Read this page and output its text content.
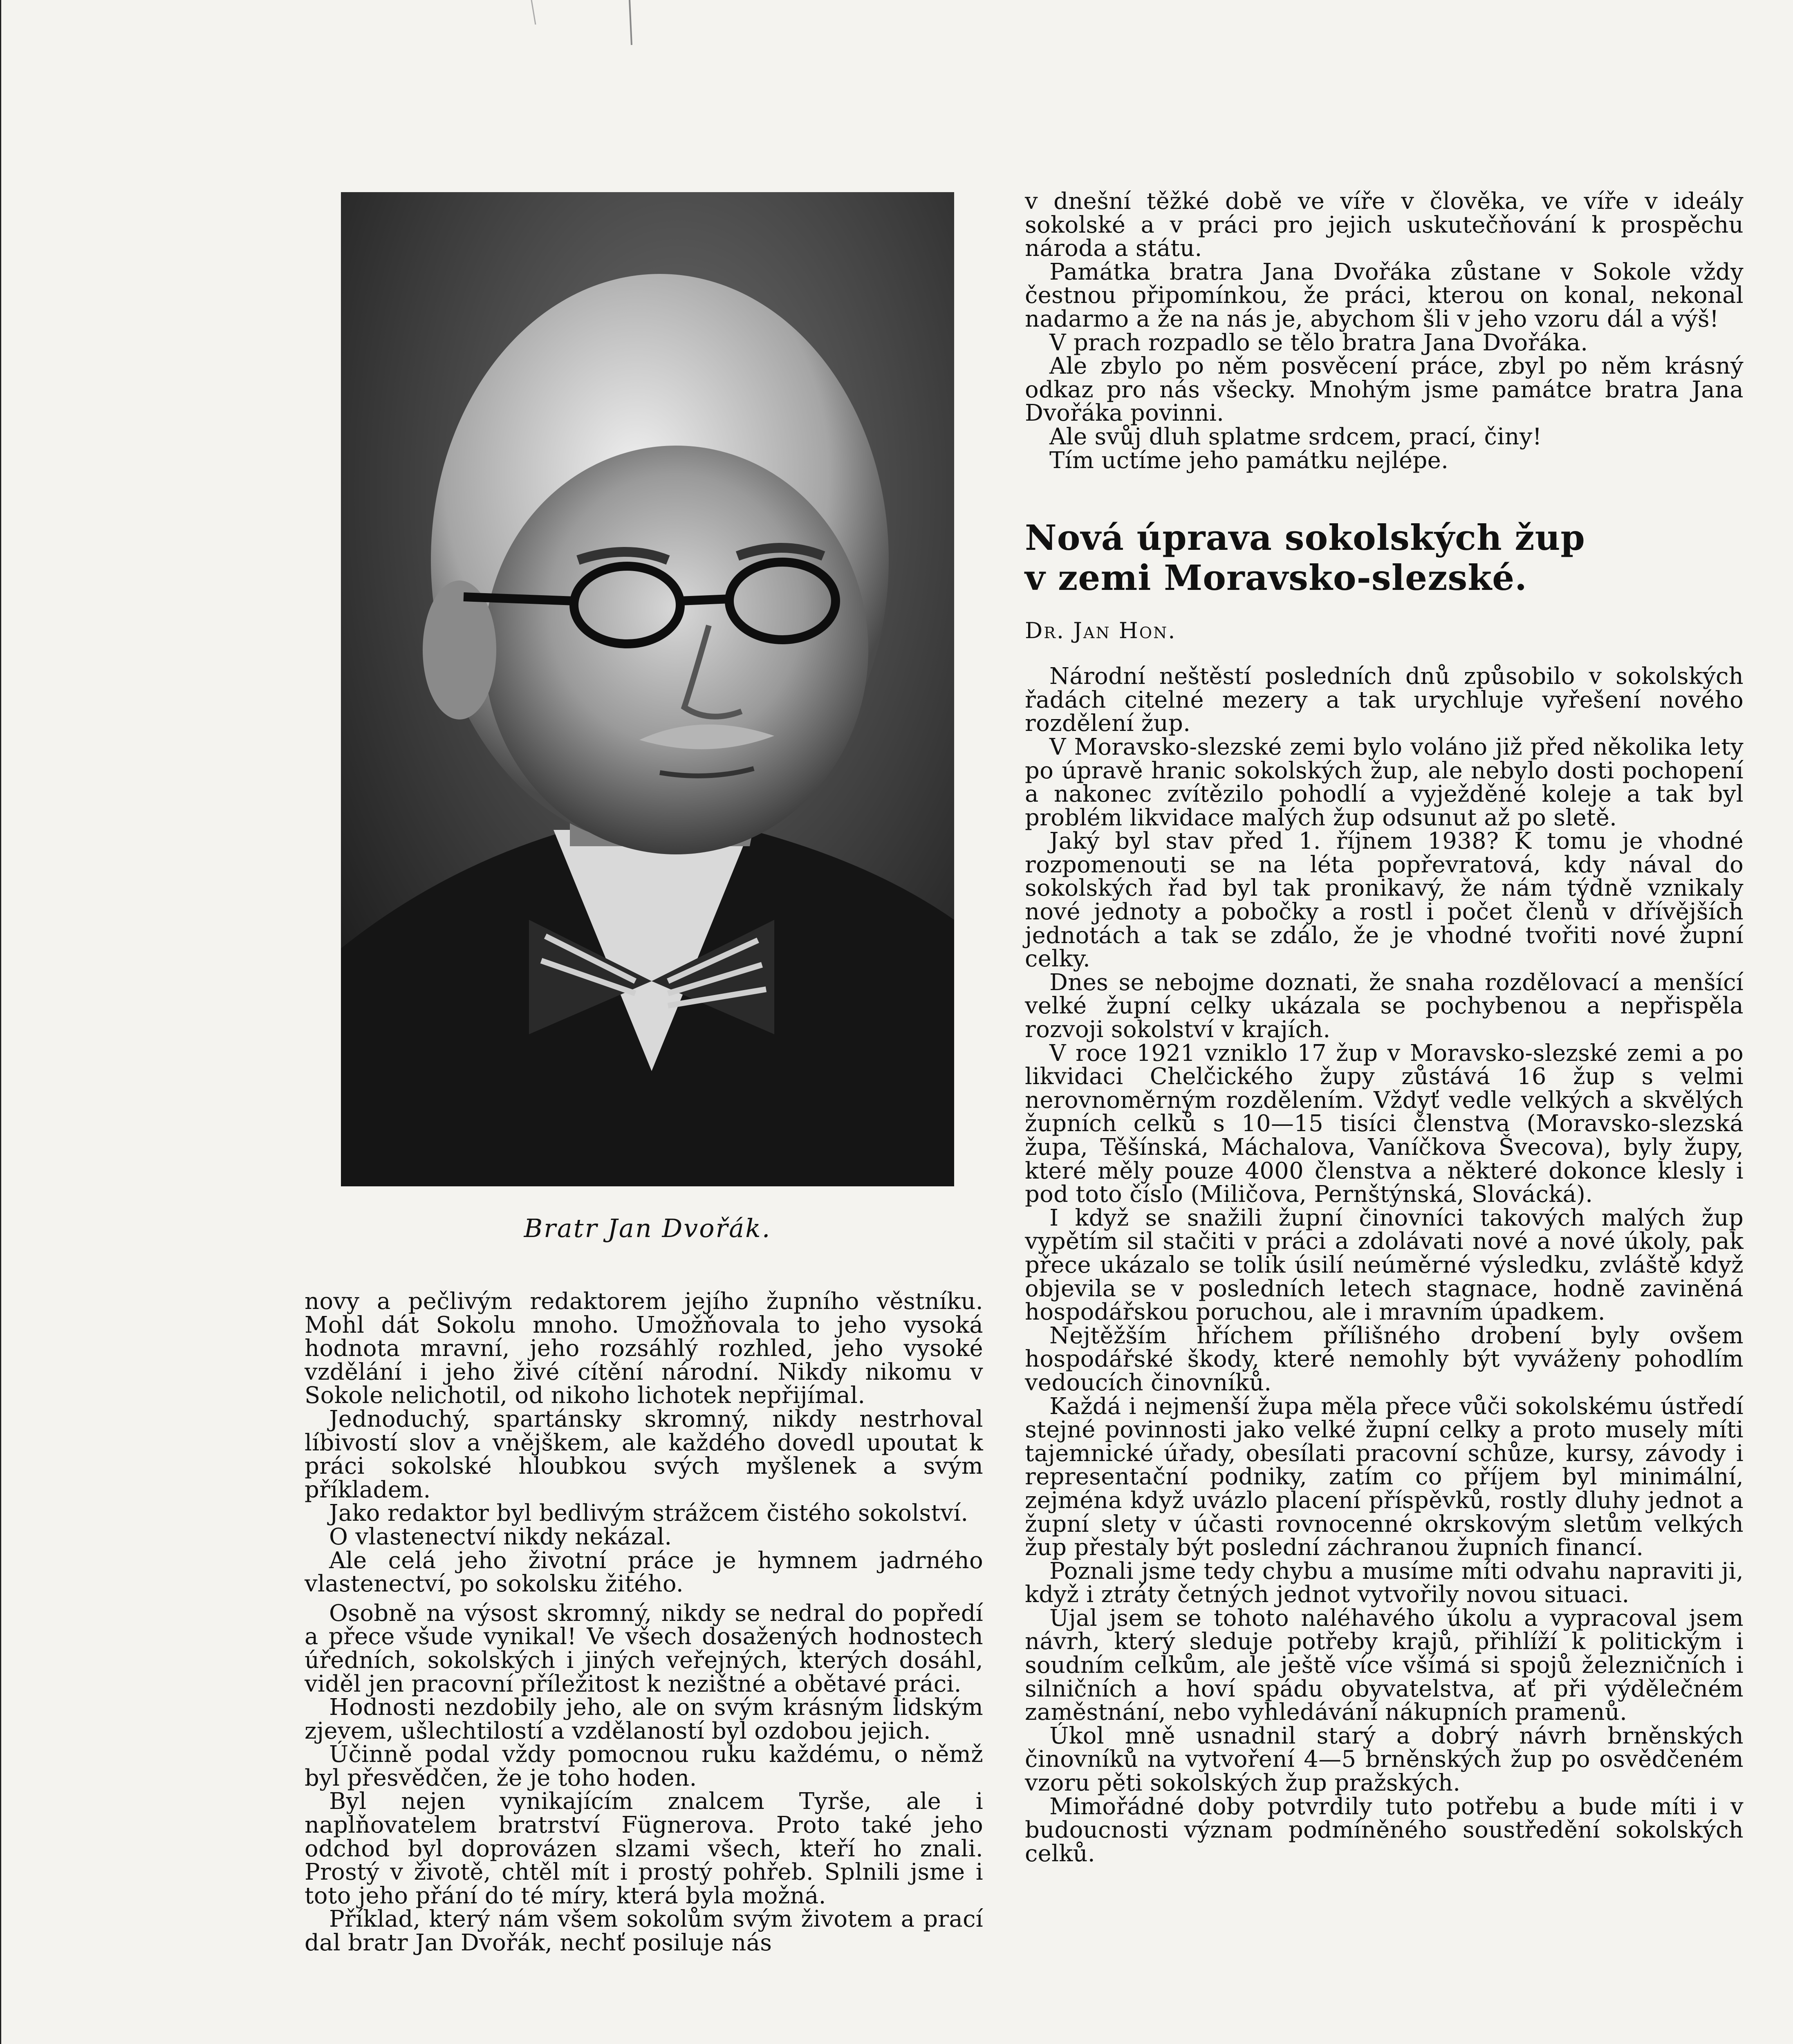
Bratr Jan Dvořák.

novy a pečlivým redaktorem jejího župního věstníku. Mohl dát Sokolu mnoho. Umožňovala to jeho vysoká hodnota mravní, jeho rozsáhlý rozhled, jeho vysoké vzdělání i jeho živé cítění národní. Nikdy nikomu v Sokole nelichotil, od nikoho lichotek nepřijímal.

Jednoduchý, spartánsky skromný, nikdy nestrhoval líbivostí slov a vnějškem, ale každého dovedl upoutat k práci sokolské hloubkou svých myšlenek a svým příkladem.

Jako redaktor byl bedlivým strážcem čistého sokolství.

O vlastenectví nikdy nekázal.

Ale celá jeho životní práce je hymnem jadrného vlastenectví, po sokolsku žitého.

Osobně na výsost skromný, nikdy se nedral do popředí a přece všude vynikal! Ve všech dosažených hodnostech úředních, sokolských i jiných veřejných, kterých dosáhl, viděl jen pracovní příležitost k nezištné a obětavé práci.

Hodnosti nezdobily jeho, ale on svým krásným lidským zjevem, ušlechtilostí a vzdělaností byl ozdobou jejich.

Účinně podal vždy pomocnou ruku každému, o němž byl přesvědčen, že je toho hoden.

Byl nejen vynikajícím znalcem Tyrše, ale i naplňovatelem bratrství Fügnerova. Proto také jeho odchod byl doprovázen slzami všech, kteří ho znali. Prostý v životě, chtěl mít i prostý pohřeb. Splnili jsme i toto jeho přání do té míry, která byla možná.

Příklad, který nám všem sokolům svým životem a prací dal bratr Jan Dvořák, nechť posiluje nás

v dnešní těžké době ve víře v člověka, ve víře v ideály sokolské a v práci pro jejich uskutečňování k prospěchu národa a státu.

Památka bratra Jana Dvořáka zůstane v Sokole vždy čestnou připomínkou, že práci, kterou on konal, nekonal nadarmo a že na nás je, abychom šli v jeho vzoru dál a výš!

V prach rozpadlo se tělo bratra Jana Dvořáka.

Ale zbylo po něm posvěcení práce, zbyl po něm krásný odkaz pro nás všecky. Mnohým jsme památce bratra Jana Dvořáka povinni.

Ale svůj dluh splatme srdcem, prací, činy!

Tím uctíme jeho památku nejlépe.

Nová úprava sokolských žup
v zemi Moravsko-slezské.

Dr. Jan Hon.

Národní neštěstí posledních dnů způsobilo v sokolských řadách citelné mezery a tak urychluje vyřešení nového rozdělení žup.

V Moravsko-slezské zemi bylo voláno již před několika lety po úpravě hranic sokolských žup, ale nebylo dosti pochopení a nakonec zvítězilo pohodlí a vyježděné koleje a tak byl problém likvidace malých žup odsunut až po sletě.

Jaký byl stav před 1. říjnem 1938? K tomu je vhodné rozpomenouti se na léta popřevratová, kdy nával do sokolských řad byl tak pronikavý, že nám týdně vznikaly nové jednoty a pobočky a rostl i počet členů v dřívějších jednotách a tak se zdálo, že je vhodné tvořiti nové župní celky.

Dnes se nebojme doznati, že snaha rozdělovací a menšící velké župní celky ukázala se pochybenou a nepřispěla rozvoji sokolství v krajích.

V roce 1921 vzniklo 17 žup v Moravsko-slezské zemi a po likvidaci Chelčického župy zůstává 16 žup s velmi nerovnoměrným rozdělením. Vždyť vedle velkých a skvělých župních celků s 10—15 tisíci členstva (Moravsko-slezská župa, Těšínská, Máchalova, Vaníčkova Švecova), byly župy, které měly pouze 4000 členstva a některé dokonce klesly i pod toto číslo (Miličova, Pernštýnská, Slovácká).

I když se snažili župní činovníci takových malých žup vypětím sil stačiti v práci a zdolávati nové a nové úkoly, pak přece ukázalo se tolik úsilí neúměrné výsledku, zvláště když objevila se v posledních letech stagnace, hodně zaviněná hospodářskou poruchou, ale i mravním úpadkem.

Nejtěžším hříchem přílišného drobení byly ovšem hospodářské škody, které nemohly být vyváženy pohodlím vedoucích činovníků.

Každá i nejmenší župa měla přece vůči sokolskému ústředí stejné povinnosti jako velké župní celky a proto musely míti tajemnické úřady, obesílati pracovní schůze, kursy, závody i representační podniky, zatím co příjem byl minimální, zejména když uvázlo placení příspěvků, rostly dluhy jednot a župní slety v účasti rovnocenné okrskovým sletům velkých žup přestaly být poslední záchranou župních financí.

Poznali jsme tedy chybu a musíme míti odvahu napraviti ji, když i ztráty četných jednot vytvořily novou situaci.

Ujal jsem se tohoto naléhavého úkolu a vypracoval jsem návrh, který sleduje potřeby krajů, přihlíží k politickým i soudním celkům, ale ještě více všímá si spojů železničních i silničních a hoví spádu obyvatelstva, ať při výdělečném zaměstnání, nebo vyhledávání nákupních pramenů.

Úkol mně usnadnil starý a dobrý návrh brněnských činovníků na vytvoření 4—5 brněnských žup po osvědčeném vzoru pěti sokolských žup pražských.

Mimořádné doby potvrdily tuto potřebu a bude míti i v budoucnosti význam podmíněného soustředění sokolských celků.
